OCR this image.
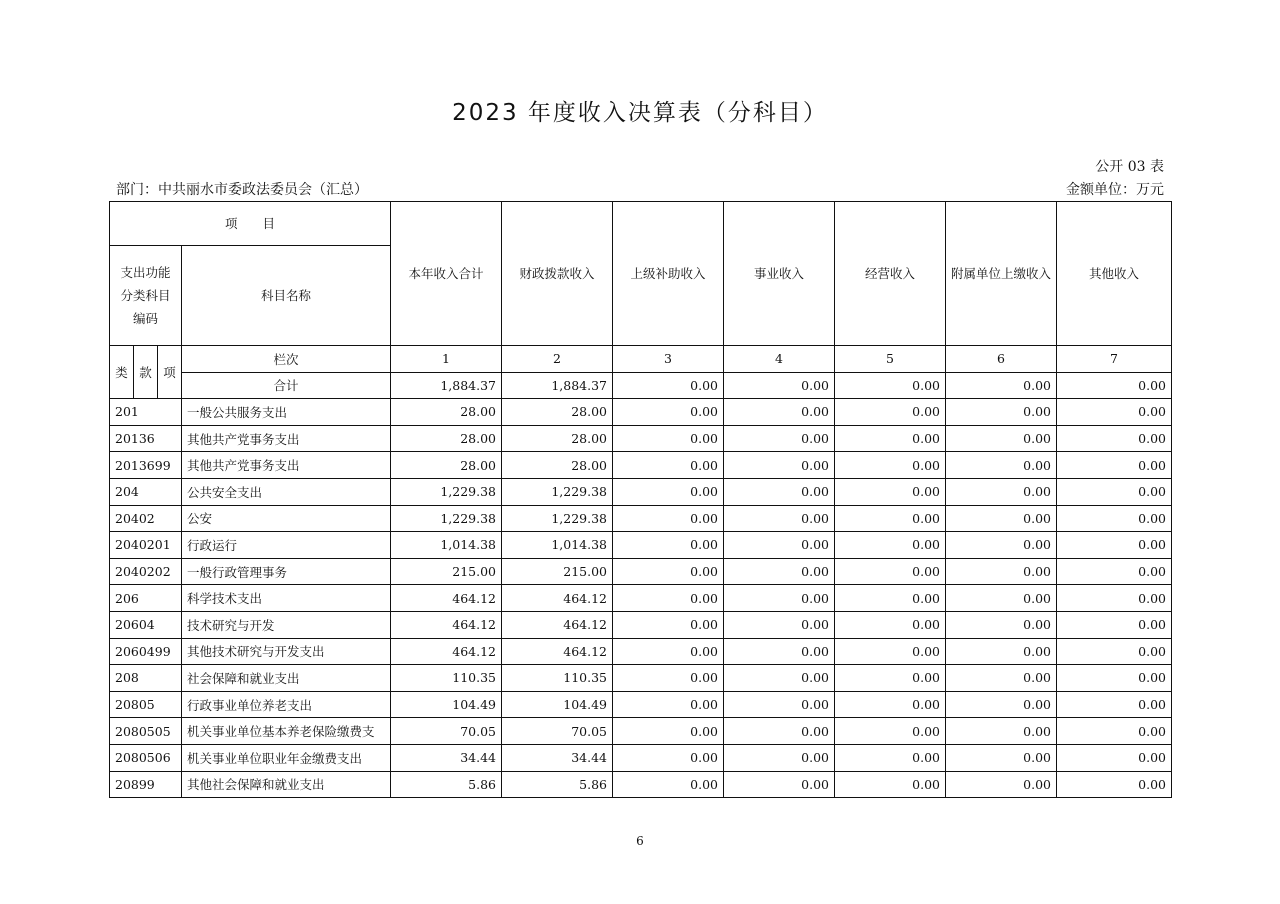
2023 年度收入决算表（分科目）
公开 03 表
部门：中共丽水市委政法委员会（汇总）	金额单位：万元
项　　目				本年收入合计	财政拨款收入	上级补助收入	事业收入	经营收入	附属单位上缴收入	其他收入
支出功能分类科目编码			科目名称							
类	款	项	栏次	1	2	3	4	5	6	7
			合计	1,884.37	1,884.37	0.00	0.00	0.00	0.00	0.00
201			一般公共服务支出	28.00	28.00	0.00	0.00	0.00	0.00	0.00
20136			其他共产党事务支出	28.00	28.00	0.00	0.00	0.00	0.00	0.00
2013699			其他共产党事务支出	28.00	28.00	0.00	0.00	0.00	0.00	0.00
204			公共安全支出	1,229.38	1,229.38	0.00	0.00	0.00	0.00	0.00
20402			公安	1,229.38	1,229.38	0.00	0.00	0.00	0.00	0.00
2040201			行政运行	1,014.38	1,014.38	0.00	0.00	0.00	0.00	0.00
2040202			一般行政管理事务	215.00	215.00	0.00	0.00	0.00	0.00	0.00
206			科学技术支出	464.12	464.12	0.00	0.00	0.00	0.00	0.00
20604			技术研究与开发	464.12	464.12	0.00	0.00	0.00	0.00	0.00
2060499			其他技术研究与开发支出	464.12	464.12	0.00	0.00	0.00	0.00	0.00
208			社会保障和就业支出	110.35	110.35	0.00	0.00	0.00	0.00	0.00
20805			行政事业单位养老支出	104.49	104.49	0.00	0.00	0.00	0.00	0.00
2080505			机关事业单位基本养老保险缴费支	70.05	70.05	0.00	0.00	0.00	0.00	0.00
2080506			机关事业单位职业年金缴费支出	34.44	34.44	0.00	0.00	0.00	0.00	0.00
20899			其他社会保障和就业支出	5.86	5.86	0.00	0.00	0.00	0.00	0.00
6
